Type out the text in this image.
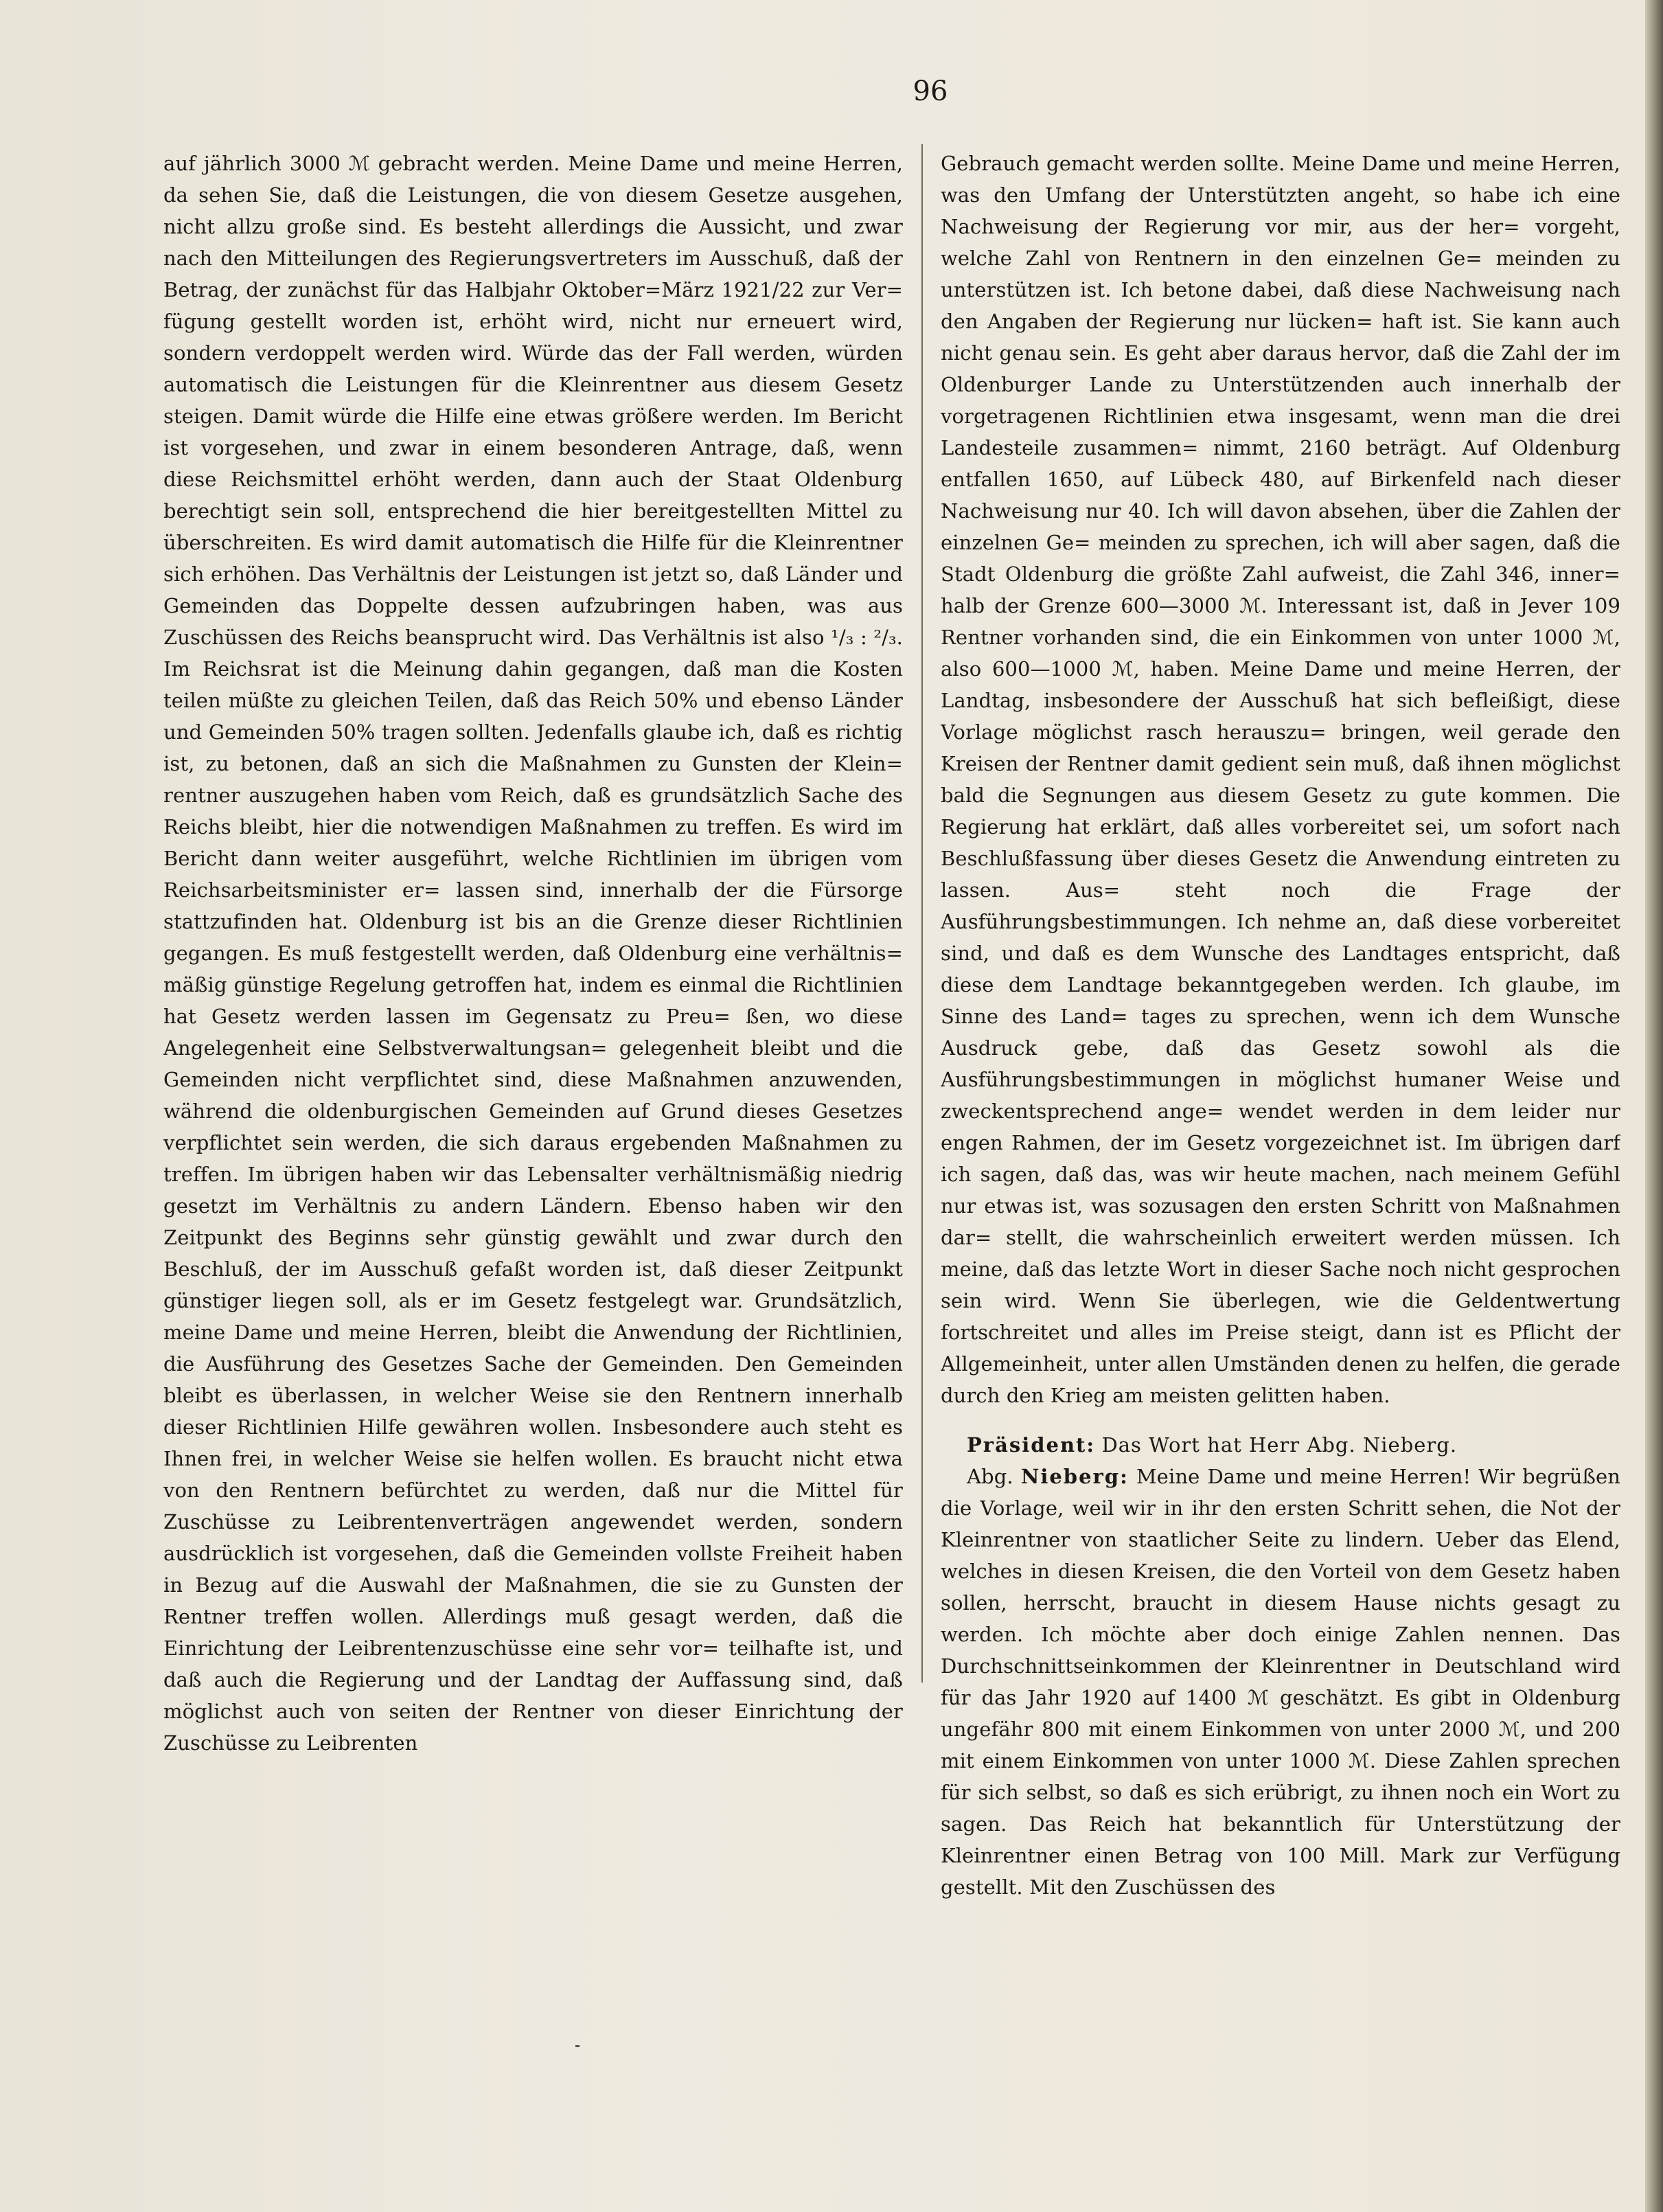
96

auf jährlich 3000 ℳ gebracht werden. Meine Dame und meine Herren, da sehen Sie, daß die Leistungen, die von diesem Gesetze ausgehen, nicht allzu große sind. Es besteht allerdings die Aussicht, und zwar nach den Mitteilungen des Regierungsvertreters im Ausschuß, daß der Betrag, der zunächst für das Halbjahr Oktober=März 1921/22 zur Ver= fügung gestellt worden ist, erhöht wird, nicht nur erneuert wird, sondern verdoppelt werden wird. Würde das der Fall werden, würden automatisch die Leistungen für die Kleinrentner aus diesem Gesetz steigen. Damit würde die Hilfe eine etwas größere werden. Im Bericht ist vorgesehen, und zwar in einem besonderen Antrage, daß, wenn diese Reichsmittel erhöht werden, dann auch der Staat Oldenburg berechtigt sein soll, entsprechend die hier bereitgestellten Mittel zu überschreiten. Es wird damit automatisch die Hilfe für die Kleinrentner sich erhöhen. Das Verhältnis der Leistungen ist jetzt so, daß Länder und Gemeinden das Doppelte dessen aufzubringen haben, was aus Zuschüssen des Reichs beansprucht wird. Das Verhältnis ist also ¹/₃ : ²/₃. Im Reichsrat ist die Meinung dahin gegangen, daß man die Kosten teilen müßte zu gleichen Teilen, daß das Reich 50% und ebenso Länder und Gemeinden 50% tragen sollten. Jedenfalls glaube ich, daß es richtig ist, zu betonen, daß an sich die Maßnahmen zu Gunsten der Klein= rentner auszugehen haben vom Reich, daß es grundsätzlich Sache des Reichs bleibt, hier die notwendigen Maßnahmen zu treffen. Es wird im Bericht dann weiter ausgeführt, welche Richtlinien im übrigen vom Reichsarbeitsminister er= lassen sind, innerhalb der die Fürsorge stattzufinden hat. Oldenburg ist bis an die Grenze dieser Richtlinien gegangen. Es muß festgestellt werden, daß Oldenburg eine verhältnis= mäßig günstige Regelung getroffen hat, indem es einmal die Richtlinien hat Gesetz werden lassen im Gegensatz zu Preu= ßen, wo diese Angelegenheit eine Selbstverwaltungsan= gelegenheit bleibt und die Gemeinden nicht verpflichtet sind, diese Maßnahmen anzuwenden, während die oldenburgischen Gemeinden auf Grund dieses Gesetzes verpflichtet sein werden, die sich daraus ergebenden Maßnahmen zu treffen. Im übrigen haben wir das Lebensalter verhältnismäßig niedrig gesetzt im Verhältnis zu andern Ländern. Ebenso haben wir den Zeitpunkt des Beginns sehr günstig gewählt und zwar durch den Beschluß, der im Ausschuß gefaßt worden ist, daß dieser Zeitpunkt günstiger liegen soll, als er im Gesetz festgelegt war. Grundsätzlich, meine Dame und meine Herren, bleibt die Anwendung der Richtlinien, die Ausführung des Gesetzes Sache der Gemeinden. Den Gemeinden bleibt es überlassen, in welcher Weise sie den Rentnern innerhalb dieser Richtlinien Hilfe gewähren wollen. Insbesondere auch steht es Ihnen frei, in welcher Weise sie helfen wollen. Es braucht nicht etwa von den Rentnern befürchtet zu werden, daß nur die Mittel für Zuschüsse zu Leibrentenverträgen angewendet werden, sondern ausdrücklich ist vorgesehen, daß die Gemeinden vollste Freiheit haben in Bezug auf die Auswahl der Maßnahmen, die sie zu Gunsten der Rentner treffen wollen. Allerdings muß gesagt werden, daß die Einrichtung der Leibrentenzuschüsse eine sehr vor= teilhafte ist, und daß auch die Regierung und der Landtag der Auffassung sind, daß möglichst auch von seiten der Rentner von dieser Einrichtung der Zuschüsse zu Leibrenten

Gebrauch gemacht werden sollte. Meine Dame und meine Herren, was den Umfang der Unterstützten angeht, so habe ich eine Nachweisung der Regierung vor mir, aus der her= vorgeht, welche Zahl von Rentnern in den einzelnen Ge= meinden zu unterstützen ist. Ich betone dabei, daß diese Nachweisung nach den Angaben der Regierung nur lücken= haft ist. Sie kann auch nicht genau sein. Es geht aber daraus hervor, daß die Zahl der im Oldenburger Lande zu Unterstützenden auch innerhalb der vorgetragenen Richtlinien etwa insgesamt, wenn man die drei Landesteile zusammen= nimmt, 2160 beträgt. Auf Oldenburg entfallen 1650, auf Lübeck 480, auf Birkenfeld nach dieser Nachweisung nur 40. Ich will davon absehen, über die Zahlen der einzelnen Ge= meinden zu sprechen, ich will aber sagen, daß die Stadt Oldenburg die größte Zahl aufweist, die Zahl 346, inner= halb der Grenze 600—3000 ℳ. Interessant ist, daß in Jever 109 Rentner vorhanden sind, die ein Einkommen von unter 1000 ℳ, also 600—1000 ℳ, haben. Meine Dame und meine Herren, der Landtag, insbesondere der Ausschuß hat sich befleißigt, diese Vorlage möglichst rasch herauszu= bringen, weil gerade den Kreisen der Rentner damit gedient sein muß, daß ihnen möglichst bald die Segnungen aus diesem Gesetz zu gute kommen. Die Regierung hat erklärt, daß alles vorbereitet sei, um sofort nach Beschlußfassung über dieses Gesetz die Anwendung eintreten zu lassen. Aus= steht noch die Frage der Ausführungsbestimmungen. Ich nehme an, daß diese vorbereitet sind, und daß es dem Wunsche des Landtages entspricht, daß diese dem Landtage bekanntgegeben werden. Ich glaube, im Sinne des Land= tages zu sprechen, wenn ich dem Wunsche Ausdruck gebe, daß das Gesetz sowohl als die Ausführungsbestimmungen in möglichst humaner Weise und zweckentsprechend ange= wendet werden in dem leider nur engen Rahmen, der im Gesetz vorgezeichnet ist. Im übrigen darf ich sagen, daß das, was wir heute machen, nach meinem Gefühl nur etwas ist, was sozusagen den ersten Schritt von Maßnahmen dar= stellt, die wahrscheinlich erweitert werden müssen. Ich meine, daß das letzte Wort in dieser Sache noch nicht gesprochen sein wird. Wenn Sie überlegen, wie die Geldentwertung fortschreitet und alles im Preise steigt, dann ist es Pflicht der Allgemeinheit, unter allen Umständen denen zu helfen, die gerade durch den Krieg am meisten gelitten haben.

Präsident: Das Wort hat Herr Abg. Nieberg.

Abg. Nieberg: Meine Dame und meine Herren! Wir begrüßen die Vorlage, weil wir in ihr den ersten Schritt sehen, die Not der Kleinrentner von staatlicher Seite zu lindern. Ueber das Elend, welches in diesen Kreisen, die den Vorteil von dem Gesetz haben sollen, herrscht, braucht in diesem Hause nichts gesagt zu werden. Ich möchte aber doch einige Zahlen nennen. Das Durchschnittseinkommen der Kleinrentner in Deutschland wird für das Jahr 1920 auf 1400 ℳ geschätzt. Es gibt in Oldenburg ungefähr 800 mit einem Einkommen von unter 2000 ℳ, und 200 mit einem Einkommen von unter 1000 ℳ. Diese Zahlen sprechen für sich selbst, so daß es sich erübrigt, zu ihnen noch ein Wort zu sagen. Das Reich hat bekanntlich für Unterstützung der Kleinrentner einen Betrag von 100 Mill. Mark zur Verfügung gestellt. Mit den Zuschüssen des
